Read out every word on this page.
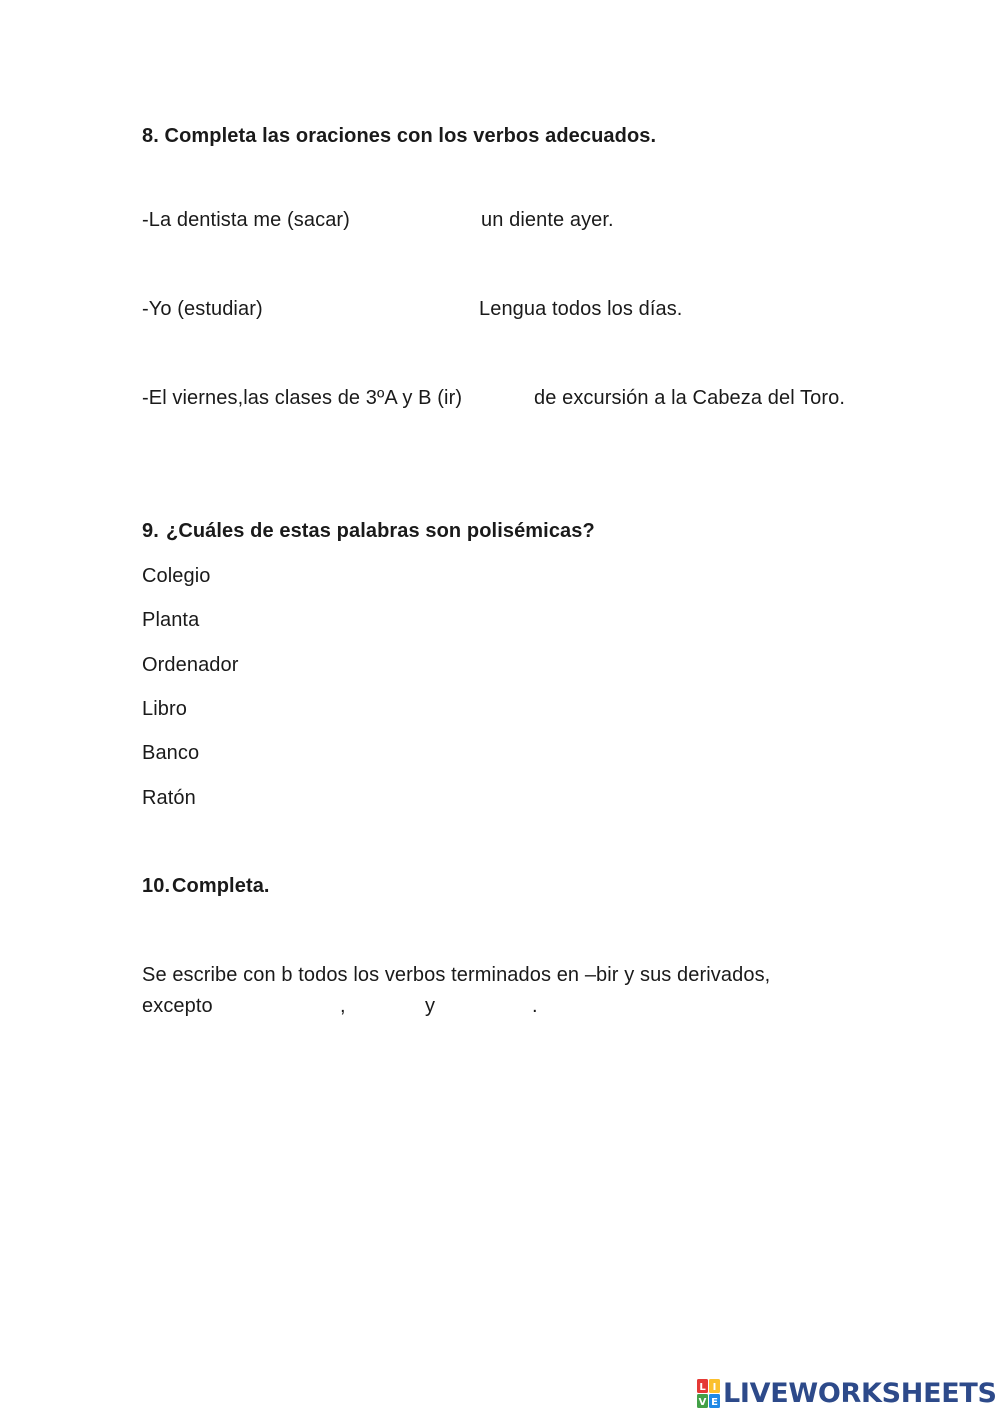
8. Completa las oraciones con los verbos adecuados.
-La dentista me (sacar)	un diente ayer.
-Yo (estudiar)	Lengua todos los días.
-El viernes,las clases de 3ºA y B (ir)	de excursión a la Cabeza del Toro.
9. ¿Cuáles de estas palabras son polisémicas?
Colegio
Planta
Ordenador
Libro
Banco
Ratón
10. Completa.
Se escribe con b todos los verbos terminados en –bir y sus derivados,
excepto	,	y	.
L I
V E LIVEWORKSHEETS
